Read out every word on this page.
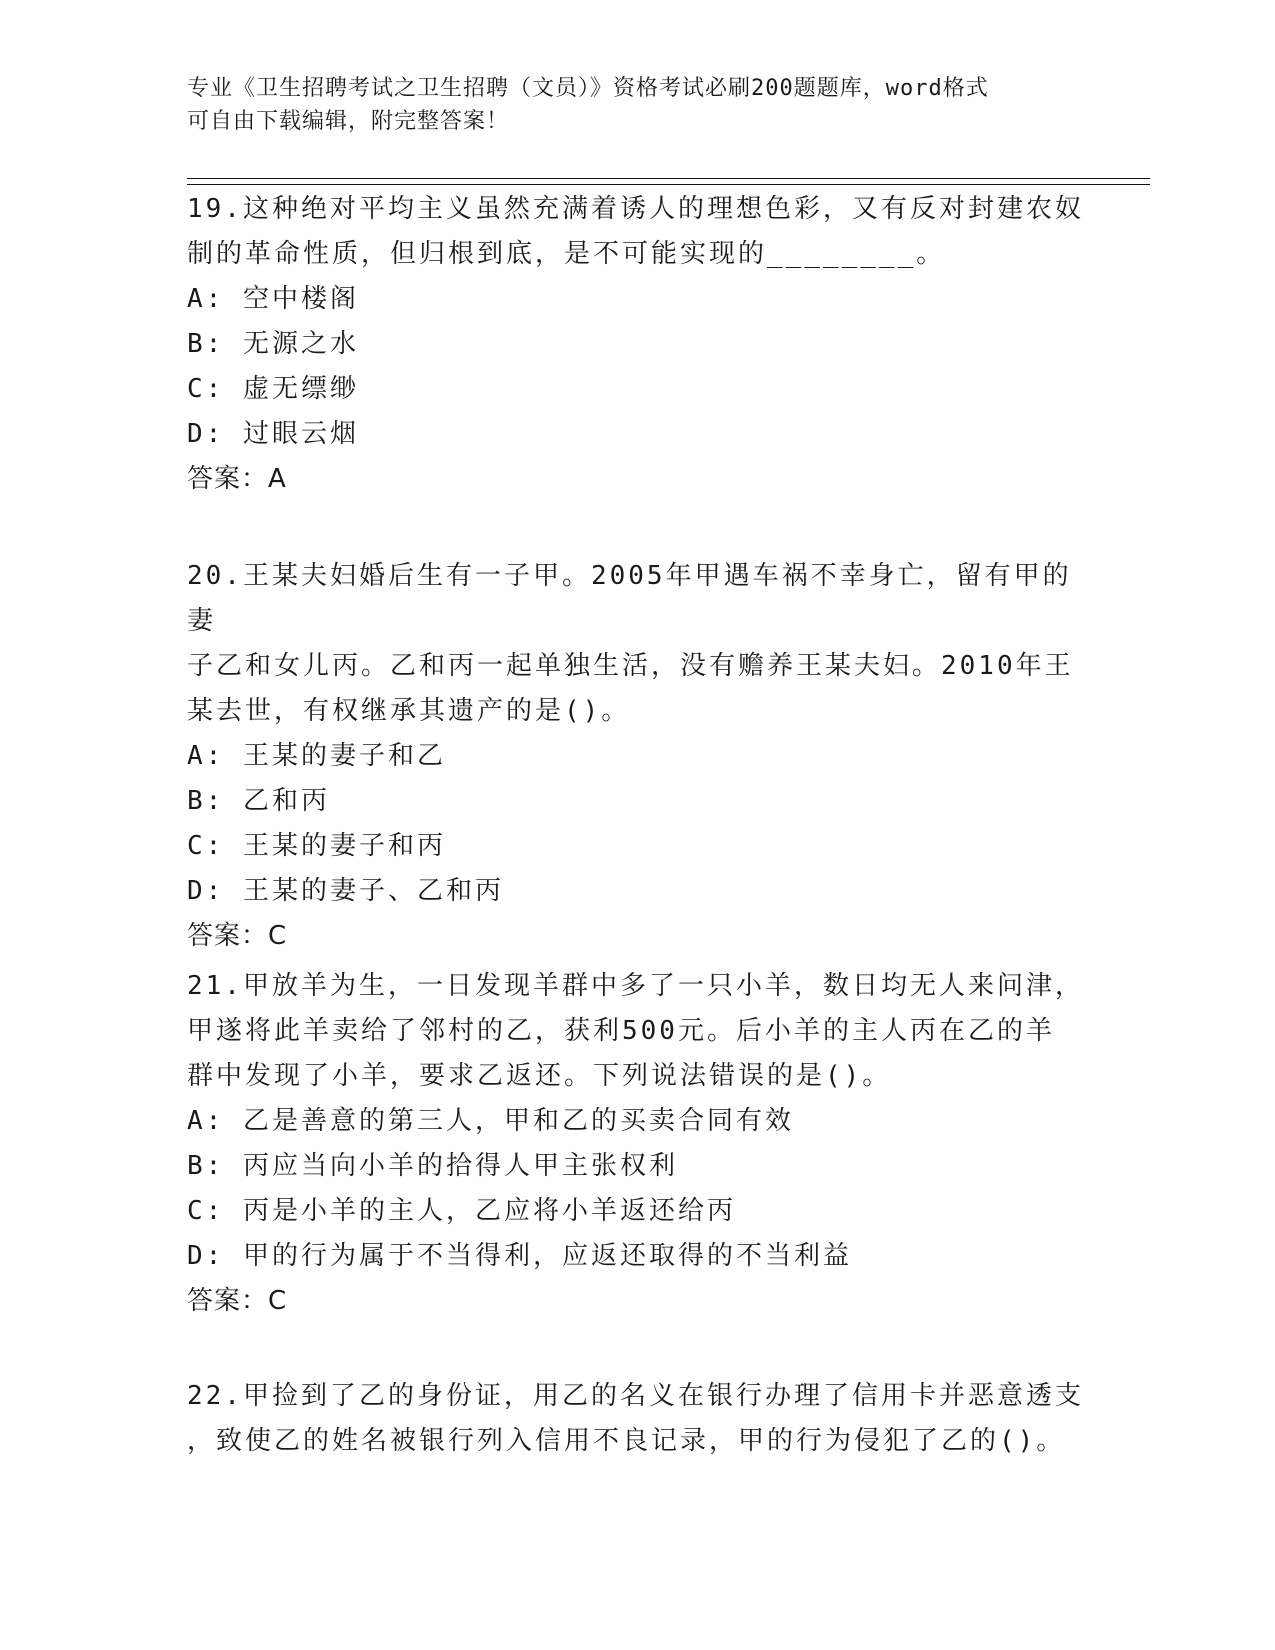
专业《卫生招聘考试之卫生招聘（文员）》资格考试必刷200题题库，word格式
可自由下载编辑，附完整答案！
19.这种绝对平均主义虽然充满着诱人的理想色彩，又有反对封建农奴
制的革命性质，但归根到底，是不可能实现的________。
A: 空中楼阁
B: 无源之水
C: 虚无缥缈
D: 过眼云烟
答案：A
20.王某夫妇婚后生有一子甲。2005年甲遇车祸不幸身亡，留有甲的妻
子乙和女儿丙。乙和丙一起单独生活，没有赡养王某夫妇。2010年王
某去世，有权继承其遗产的是()。
A: 王某的妻子和乙
B: 乙和丙
C: 王某的妻子和丙
D: 王某的妻子、乙和丙
答案：C
21.甲放羊为生，一日发现羊群中多了一只小羊，数日均无人来问津，
甲遂将此羊卖给了邻村的乙，获利500元。后小羊的主人丙在乙的羊
群中发现了小羊，要求乙返还。下列说法错误的是()。
A: 乙是善意的第三人，甲和乙的买卖合同有效
B: 丙应当向小羊的拾得人甲主张权利
C: 丙是小羊的主人，乙应将小羊返还给丙
D: 甲的行为属于不当得利，应返还取得的不当利益
答案：C
22.甲捡到了乙的身份证，用乙的名义在银行办理了信用卡并恶意透支
，致使乙的姓名被银行列入信用不良记录，甲的行为侵犯了乙的()。
